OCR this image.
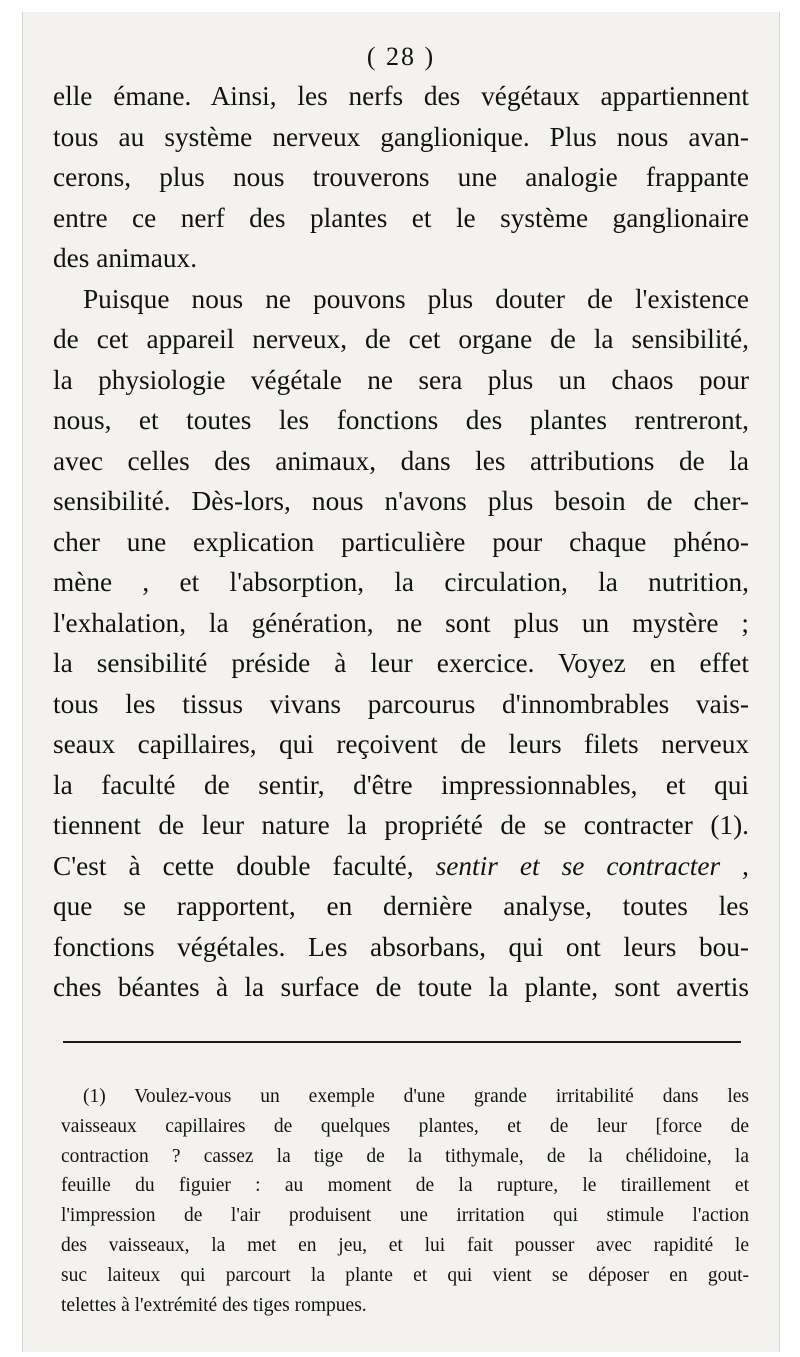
( 28 )
elle émane. Ainsi, les nerfs des végétaux appartiennent
tous au système nerveux ganglionique. Plus nous avan-
cerons, plus nous trouverons une analogie frappante
entre ce nerf des plantes et le système ganglionaire
des animaux.
Puisque nous ne pouvons plus douter de l'existence
de cet appareil nerveux, de cet organe de la sensibilité,
la physiologie végétale ne sera plus un chaos pour
nous, et toutes les fonctions des plantes rentreront,
avec celles des animaux, dans les attributions de la
sensibilité. Dès-lors, nous n'avons plus besoin de cher-
cher une explication particulière pour chaque phéno-
mène , et l'absorption, la circulation, la nutrition,
l'exhalation, la génération, ne sont plus un mystère ;
la sensibilité préside à leur exercice. Voyez en effet
tous les tissus vivans parcourus d'innombrables vais-
seaux capillaires, qui reçoivent de leurs filets nerveux
la faculté de sentir, d'être impressionnables, et qui
tiennent de leur nature la propriété de se contracter (1).
C'est à cette double faculté, sentir et se contracter ,
que se rapportent, en dernière analyse, toutes les
fonctions végétales. Les absorbans, qui ont leurs bou-
ches béantes à la surface de toute la plante, sont avertis
(1) Voulez-vous un exemple d'une grande irritabilité dans les
vaisseaux capillaires de quelques plantes, et de leur [force de
contraction ? cassez la tige de la tithymale, de la chélidoine, la
feuille du figuier : au moment de la rupture, le tiraillement et
l'impression de l'air produisent une irritation qui stimule l'action
des vaisseaux, la met en jeu, et lui fait pousser avec rapidité le
suc laiteux qui parcourt la plante et qui vient se déposer en gout-
telettes à l'extrémité des tiges rompues.
